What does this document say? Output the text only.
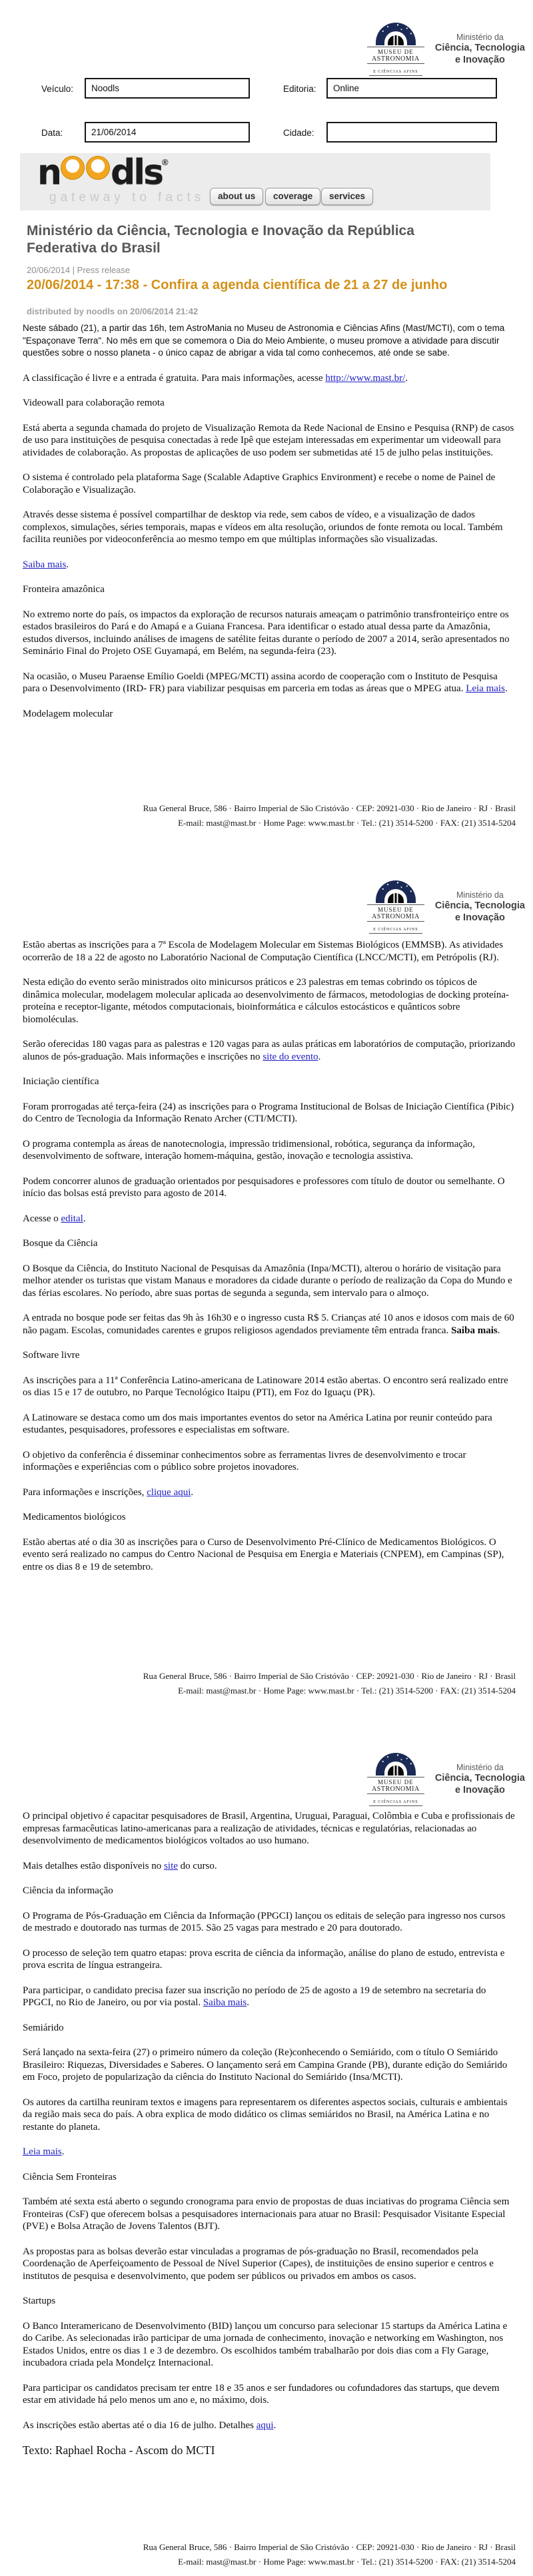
MUSEU DE
ASTRONOMIA
E CIÊNCIAS AFINS
Ministério da
Ciência, Tecnologia
e Inovação
Veículo:
Noodls	Editoria:
Online
Data:
21/06/2014	Cidade:
n dls®
gateway to facts	about us	coverage	services
Ministério da Ciência, Tecnologia e Inovação da República Federativa do Brasil
20/06/2014 | Press release
20/06/2014 - 17:38 - Confira a agenda científica de 21 a 27 de junho
distributed by noodls on 20/06/2014 21:42

Neste sábado (21), a partir das 16h, tem AstroMania no Museu de Astronomia e Ciências Afins (Mast/MCTI), com o tema "Espaçonave Terra". No mês em que se comemora o Dia do Meio Ambiente, o museu promove a atividade para discutir questões sobre o nosso planeta - o único capaz de abrigar a vida tal como conhecemos, até onde se sabe.

A classificação é livre e a entrada é gratuita. Para mais informações, acesse http://www.mast.br/.

Videowall para colaboração remota

Está aberta a segunda chamada do projeto de Visualização Remota da Rede Nacional de Ensino e Pesquisa (RNP) de casos de uso para instituições de pesquisa conectadas à rede Ipê que estejam interessadas em experimentar um videowall para atividades de colaboração. As propostas de aplicações de uso podem ser submetidas até 15 de julho pelas instituições.

O sistema é controlado pela plataforma Sage (Scalable Adaptive Graphics Environment) e recebe o nome de Painel de Colaboração e Visualização.

Através desse sistema é possível compartilhar de desktop via rede, sem cabos de vídeo, e a visualização de dados complexos, simulações, séries temporais, mapas e vídeos em alta resolução, oriundos de fonte remota ou local. Também facilita reuniões por videoconferência ao mesmo tempo em que múltiplas informações são visualizadas.

Saiba mais.

Fronteira amazônica

No extremo norte do país, os impactos da exploração de recursos naturais ameaçam o patrimônio transfronteiriço entre os estados brasileiros do Pará e do Amapá e a Guiana Francesa. Para identificar o estado atual dessa parte da Amazônia, estudos diversos, incluindo análises de imagens de satélite feitas durante o período de 2007 a 2014, serão apresentados no Seminário Final do Projeto OSE Guyamapá, em Belém, na segunda-feira (23).

Na ocasião, o Museu Paraense Emílio Goeldi (MPEG/MCTI) assina acordo de cooperação com o Instituto de Pesquisa para o Desenvolvimento (IRD- FR) para viabilizar pesquisas em parceria em todas as áreas que o MPEG atua. Leia mais.

Modelagem molecular

Rua General Bruce, 586 · Bairro Imperial de São Cristóvão · CEP: 20921-030 · Rio de Janeiro · RJ · Brasil
E-mail: mast@mast.br · Home Page: www.mast.br · Tel.: (21) 3514-5200 · FAX: (21) 3514-5204
MUSEU DE
ASTRONOMIA
E CIÊNCIAS AFINS
Ministério da
Ciência, Tecnologia
e Inovação

Estão abertas as inscrições para a 7ª Escola de Modelagem Molecular em Sistemas Biológicos (EMMSB). As atividades ocorrerão de 18 a 22 de agosto no Laboratório Nacional de Computação Científica (LNCC/MCTI), em Petrópolis (RJ).

Nesta edição do evento serão ministrados oito minicursos práticos e 23 palestras em temas cobrindo os tópicos de dinâmica molecular, modelagem molecular aplicada ao desenvolvimento de fármacos, metodologias de docking proteína-proteína e receptor-ligante, métodos computacionais, bioinformática e cálculos estocásticos e quânticos sobre biomoléculas.

Serão oferecidas 180 vagas para as palestras e 120 vagas para as aulas práticas em laboratórios de computação, priorizando alunos de pós-graduação. Mais informações e inscrições no site do evento.

Iniciação científica

Foram prorrogadas até terça-feira (24) as inscrições para o Programa Institucional de Bolsas de Iniciação Científica (Pibic) do Centro de Tecnologia da Informação Renato Archer (CTI/MCTI).

O programa contempla as áreas de nanotecnologia, impressão tridimensional, robótica, segurança da informação, desenvolvimento de software, interação homem-máquina, gestão, inovação e tecnologia assistiva.

Podem concorrer alunos de graduação orientados por pesquisadores e professores com título de doutor ou semelhante. O início das bolsas está previsto para agosto de 2014.

Acesse o edital.

Bosque da Ciência

O Bosque da Ciência, do Instituto Nacional de Pesquisas da Amazônia (Inpa/MCTI), alterou o horário de visitação para melhor atender os turistas que vistam Manaus e moradores da cidade durante o período de realização da Copa do Mundo e das férias escolares. No período, abre suas portas de segunda a segunda, sem intervalo para o almoço.

A entrada no bosque pode ser feitas das 9h às 16h30 e o ingresso custa R$ 5. Crianças até 10 anos e idosos com mais de 60 não pagam. Escolas, comunidades carentes e grupos religiosos agendados previamente têm entrada franca. Saiba mais.

Software livre

As inscrições para a 11ª Conferência Latino-americana de Latinoware 2014 estão abertas. O encontro será realizado entre os dias 15 e 17 de outubro, no Parque Tecnológico Itaipu (PTI), em Foz do Iguaçu (PR).

A Latinoware se destaca como um dos mais importantes eventos do setor na América Latina por reunir conteúdo para estudantes, pesquisadores, professores e especialistas em software.

O objetivo da conferência é disseminar conhecimentos sobre as ferramentas livres de desenvolvimento e trocar informações e experiências com o público sobre projetos inovadores.

Para informações e inscrições, clique aqui.

Medicamentos biológicos

Estão abertas até o dia 30 as inscrições para o Curso de Desenvolvimento Pré-Clínico de Medicamentos Biológicos. O evento será realizado no campus do Centro Nacional de Pesquisa em Energia e Materiais (CNPEM), em Campinas (SP), entre os dias 8 e 19 de setembro.

Rua General Bruce, 586 · Bairro Imperial de São Cristóvão · CEP: 20921-030 · Rio de Janeiro · RJ · Brasil
E-mail: mast@mast.br · Home Page: www.mast.br · Tel.: (21) 3514-5200 · FAX: (21) 3514-5204
MUSEU DE
ASTRONOMIA
E CIÊNCIAS AFINS
Ministério da
Ciência, Tecnologia
e Inovação

O principal objetivo é capacitar pesquisadores de Brasil, Argentina, Uruguai, Paraguai, Colômbia e Cuba e profissionais de empresas farmacêuticas latino-americanas para a realização de atividades, técnicas e regulatórias, relacionadas ao desenvolvimento de medicamentos biológicos voltados ao uso humano.

Mais detalhes estão disponíveis no site do curso.

Ciência da informação

O Programa de Pós-Graduação em Ciência da Informação (PPGCI) lançou os editais de seleção para ingresso nos cursos de mestrado e doutorado nas turmas de 2015. São 25 vagas para mestrado e 20 para doutorado.

O processo de seleção tem quatro etapas: prova escrita de ciência da informação, análise do plano de estudo, entrevista e prova escrita de língua estrangeira.

Para participar, o candidato precisa fazer sua inscrição no período de 25 de agosto a 19 de setembro na secretaria do PPGCI, no Rio de Janeiro, ou por via postal. Saiba mais.

Semiárido

Será lançado na sexta-feira (27) o primeiro número da coleção (Re)conhecendo o Semiárido, com o título O Semiárido Brasileiro: Riquezas, Diversidades e Saberes. O lançamento será em Campina Grande (PB), durante edição do Semiárido em Foco, projeto de popularização da ciência do Instituto Nacional do Semiárido (Insa/MCTI).

Os autores da cartilha reuniram textos e imagens para representarem os diferentes aspectos sociais, culturais e ambientais da região mais seca do país. A obra explica de modo didático os climas semiáridos no Brasil, na América Latina e no restante do planeta.

Leia mais.

Ciência Sem Fronteiras

Também até sexta está aberto o segundo cronograma para envio de propostas de duas inciativas do programa Ciência sem Fronteiras (CsF) que oferecem bolsas a pesquisadores internacionais para atuar no Brasil: Pesquisador Visitante Especial (PVE) e Bolsa Atração de Jovens Talentos (BJT).

As propostas para as bolsas deverão estar vinculadas a programas de pós-graduação no Brasil, recomendados pela Coordenação de Aperfeiçoamento de Pessoal de Nível Superior (Capes), de instituições de ensino superior e centros e institutos de pesquisa e desenvolvimento, que podem ser públicos ou privados em ambos os casos.

Startups

O Banco Interamericano de Desenvolvimento (BID) lançou um concurso para selecionar 15 startups da América Latina e do Caribe. As selecionadas irão participar de uma jornada de conhecimento, inovação e networking em Washington, nos Estados Unidos, entre os dias 1 e 3 de dezembro. Os escolhidos também trabalharão por dois dias com a Fly Garage, incubadora criada pela Mondelçz Internacional.

Para participar os candidatos precisam ter entre 18 e 35 anos e ser fundadores ou cofundadores das startups, que devem estar em atividade há pelo menos um ano e, no máximo, dois.

As inscrições estão abertas até o dia 16 de julho. Detalhes aqui.

Texto: Raphael Rocha - Ascom do MCTI

Rua General Bruce, 586 · Bairro Imperial de São Cristóvão · CEP: 20921-030 · Rio de Janeiro · RJ · Brasil
E-mail: mast@mast.br · Home Page: www.mast.br · Tel.: (21) 3514-5200 · FAX: (21) 3514-5204
